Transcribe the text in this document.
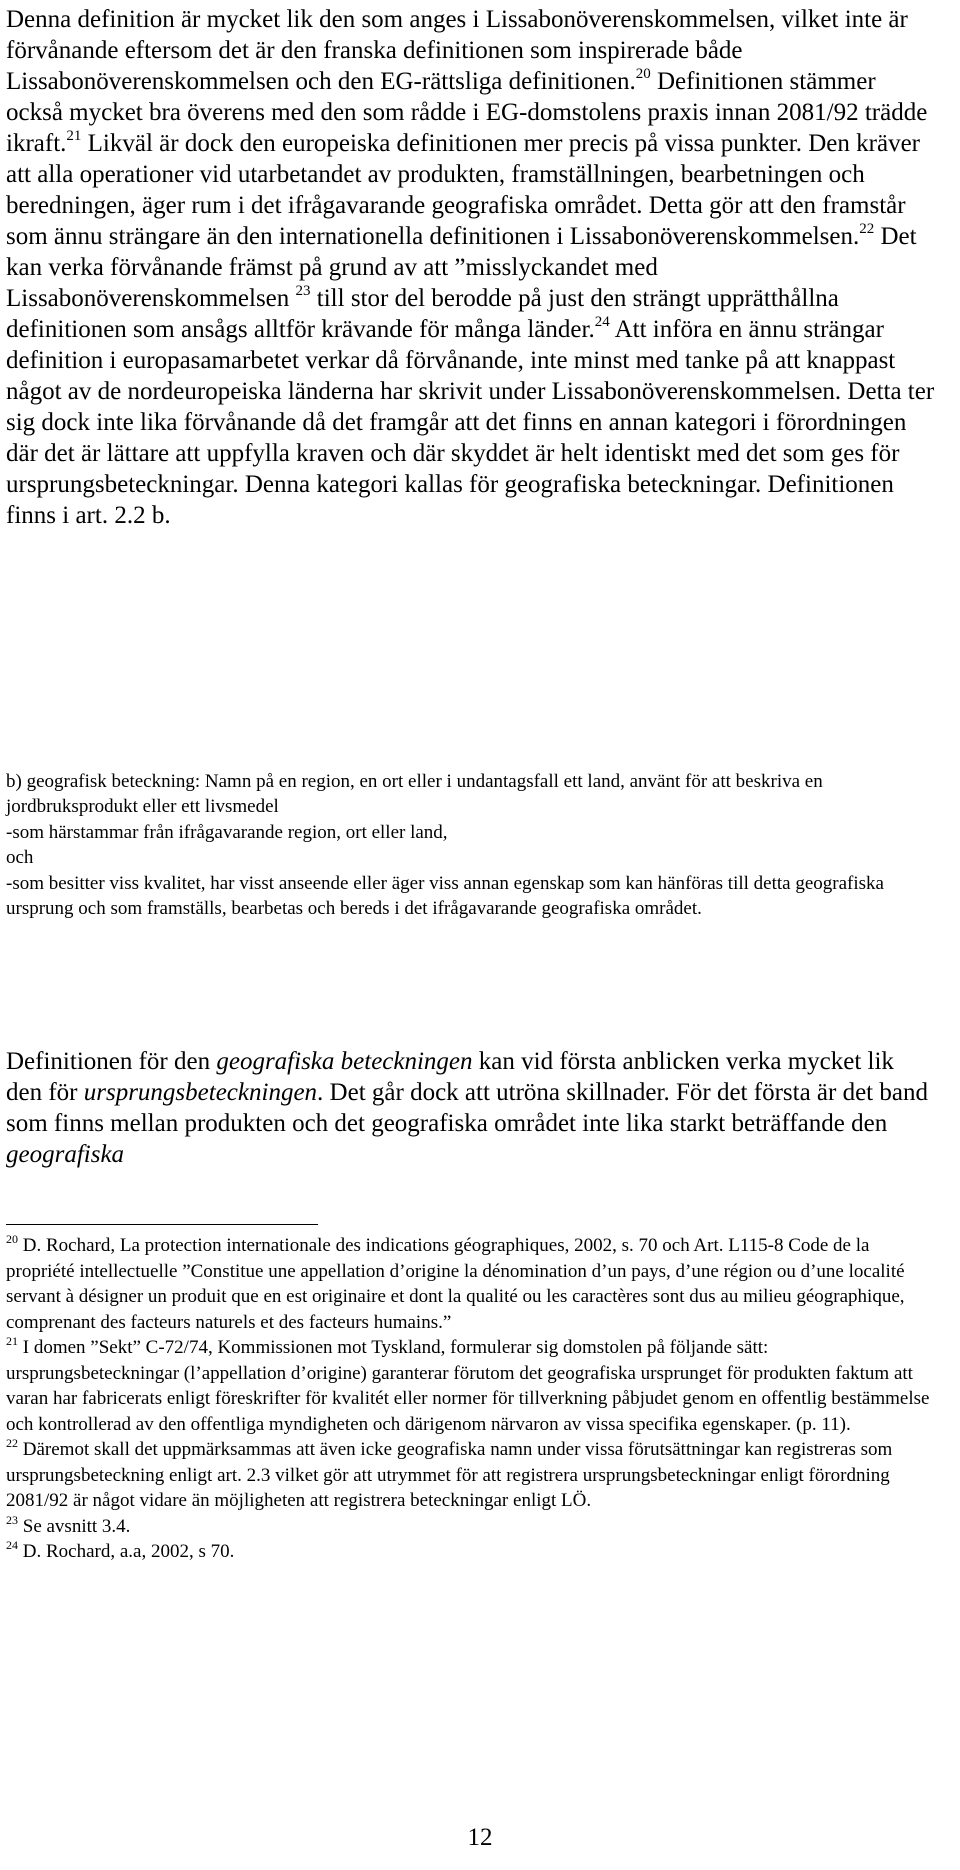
Denna definition är mycket lik den som anges i Lissabonöverenskommelsen, vilket inte är förvånande eftersom det är den franska definitionen som inspirerade både Lissabonöverenskommelsen och den EG-rättsliga definitionen.$^{20}$ Definitionen stämmer också mycket bra överens med den som rådde i EG-domstolens praxis innan 2081/92 trädde ikraft.$^{21}$ Likväl är dock den europeiska definitionen mer precis på vissa punkter. Den kräver att alla operationer vid utarbetandet av produkten, framställningen, bearbetningen och beredningen, äger rum i det ifrågavarande geografiska området. Detta gör att den framstår som ännu strängare än den internationella definitionen i Lissabonöverenskommelsen.$^{22}$ Det kan verka förvånande främst på grund av att ”misslyckandet med Lissabonöverenskommelsen $^{23}$ till stor del berodde på just den strängt upprätthållna definitionen som ansågs alltför krävande för många länder.$^{24}$ Att införa en ännu strängar definition i europasamarbetet verkar då förvånande, inte minst med tanke på att knappast något av de nordeuropeiska länderna har skrivit under Lissabonöverenskommelsen. Detta ter sig dock inte lika förvånande då det framgår att det finns en annan kategori i förordningen där det är lättare att uppfylla kraven och där skyddet är helt identiskt med det som ges för ursprungsbeteckningar. Denna kategori kallas för geografiska beteckningar. Definitionen finns i art. 2.2 b.

b) geografisk beteckning: Namn på en region, en ort eller i undantagsfall ett land, använt för att beskriva en jordbruksprodukt eller ett livsmedel
-som härstammar från ifrågavarande region, ort eller land,
och
-som besitter viss kvalitet, har visst anseende eller äger viss annan egenskap som kan hänföras till detta geografiska ursprung och som framställs, bearbetas och bereds i det ifrågavarande geografiska området.

Definitionen för den geografiska beteckningen kan vid första anblicken verka mycket lik den för ursprungsbeteckningen. Det går dock att utröna skillnader. För det första är det band som finns mellan produkten och det geografiska området inte lika starkt beträffande den geografiska

$^{20}$ D. Rochard, La protection internationale des indications géographiques, 2002, s. 70 och Art. L115-8 Code de la propriété intellectuelle ”Constitue une appellation d’origine la dénomination d’un pays, d’une région ou d’une localité servant à désigner un produit que en est originaire et dont la qualité ou les caractères sont dus au milieu géographique, comprenant des facteurs naturels et des facteurs humains.”
$^{21}$ I domen ”Sekt” C-72/74, Kommissionen mot Tyskland, formulerar sig domstolen på följande sätt: ursprungsbeteckningar (l’appellation d’origine) garanterar förutom det geografiska ursprunget för produkten faktum att varan har fabricerats enligt föreskrifter för kvalitét eller normer för tillverkning påbjudet genom en offentlig bestämmelse och kontrollerad av den offentliga myndigheten och därigenom närvaron av vissa specifika egenskaper. (p. 11).
$^{22}$ Däremot skall det uppmärksammas att även icke geografiska namn under vissa förutsättningar kan registreras som ursprungsbeteckning enligt art. 2.3 vilket gör att utrymmet för att registrera ursprungsbeteckningar enligt förordning 2081/92 är något vidare än möjligheten att registrera beteckningar enligt LÖ.
$^{23}$ Se avsnitt 3.4.
$^{24}$ D. Rochard, a.a, 2002, s 70.

12
